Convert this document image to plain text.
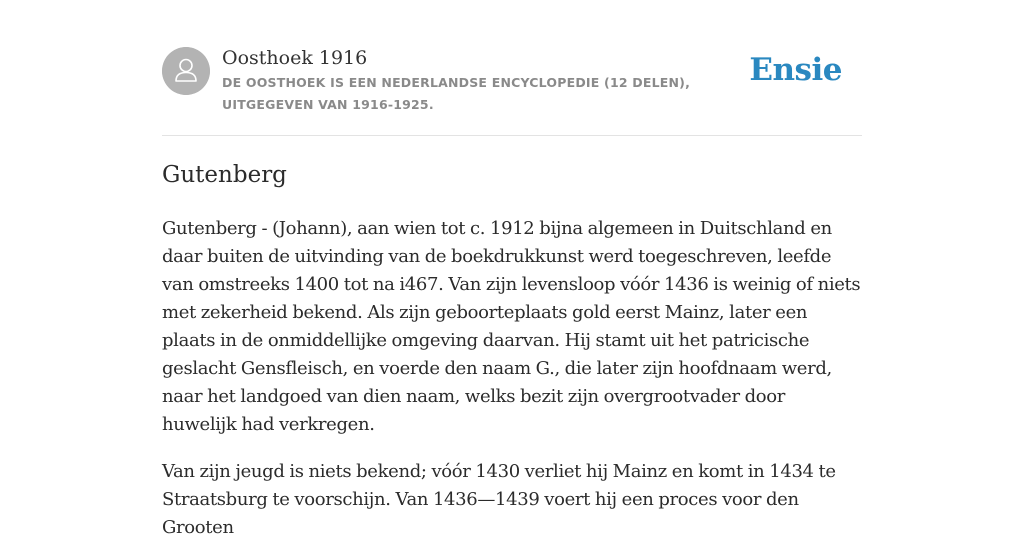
Oosthoek 1916
DE OOSTHOEK IS EEN NEDERLANDSE ENCYCLOPEDIE (12 DELEN), UITGEGEVEN VAN 1916-1925.
Ensie
Gutenberg

Gutenberg - (Johann), aan wien tot c. 1912 bijna algemeen in Duitschland en daar buiten de uitvinding van de boekdrukkunst werd toegeschreven, leefde van omstreeks 1400 tot na i467. Van zijn levensloop vóór 1436 is weinig of niets met zekerheid bekend. Als zijn geboorteplaats gold eerst Mainz, later een plaats in de onmiddellijke omgeving daarvan. Hij stamt uit het patricische geslacht Gensfleisch, en voerde den naam G., die later zijn hoofdnaam werd, naar het landgoed van dien naam, welks bezit zijn overgrootvader door huwelijk had verkregen.

Van zijn jeugd is niets bekend; vóór 1430 verliet hij Mainz en komt in 1434 te Straatsburg te voorschijn. Van 1436—1439 voert hij een proces voor den Grooten
